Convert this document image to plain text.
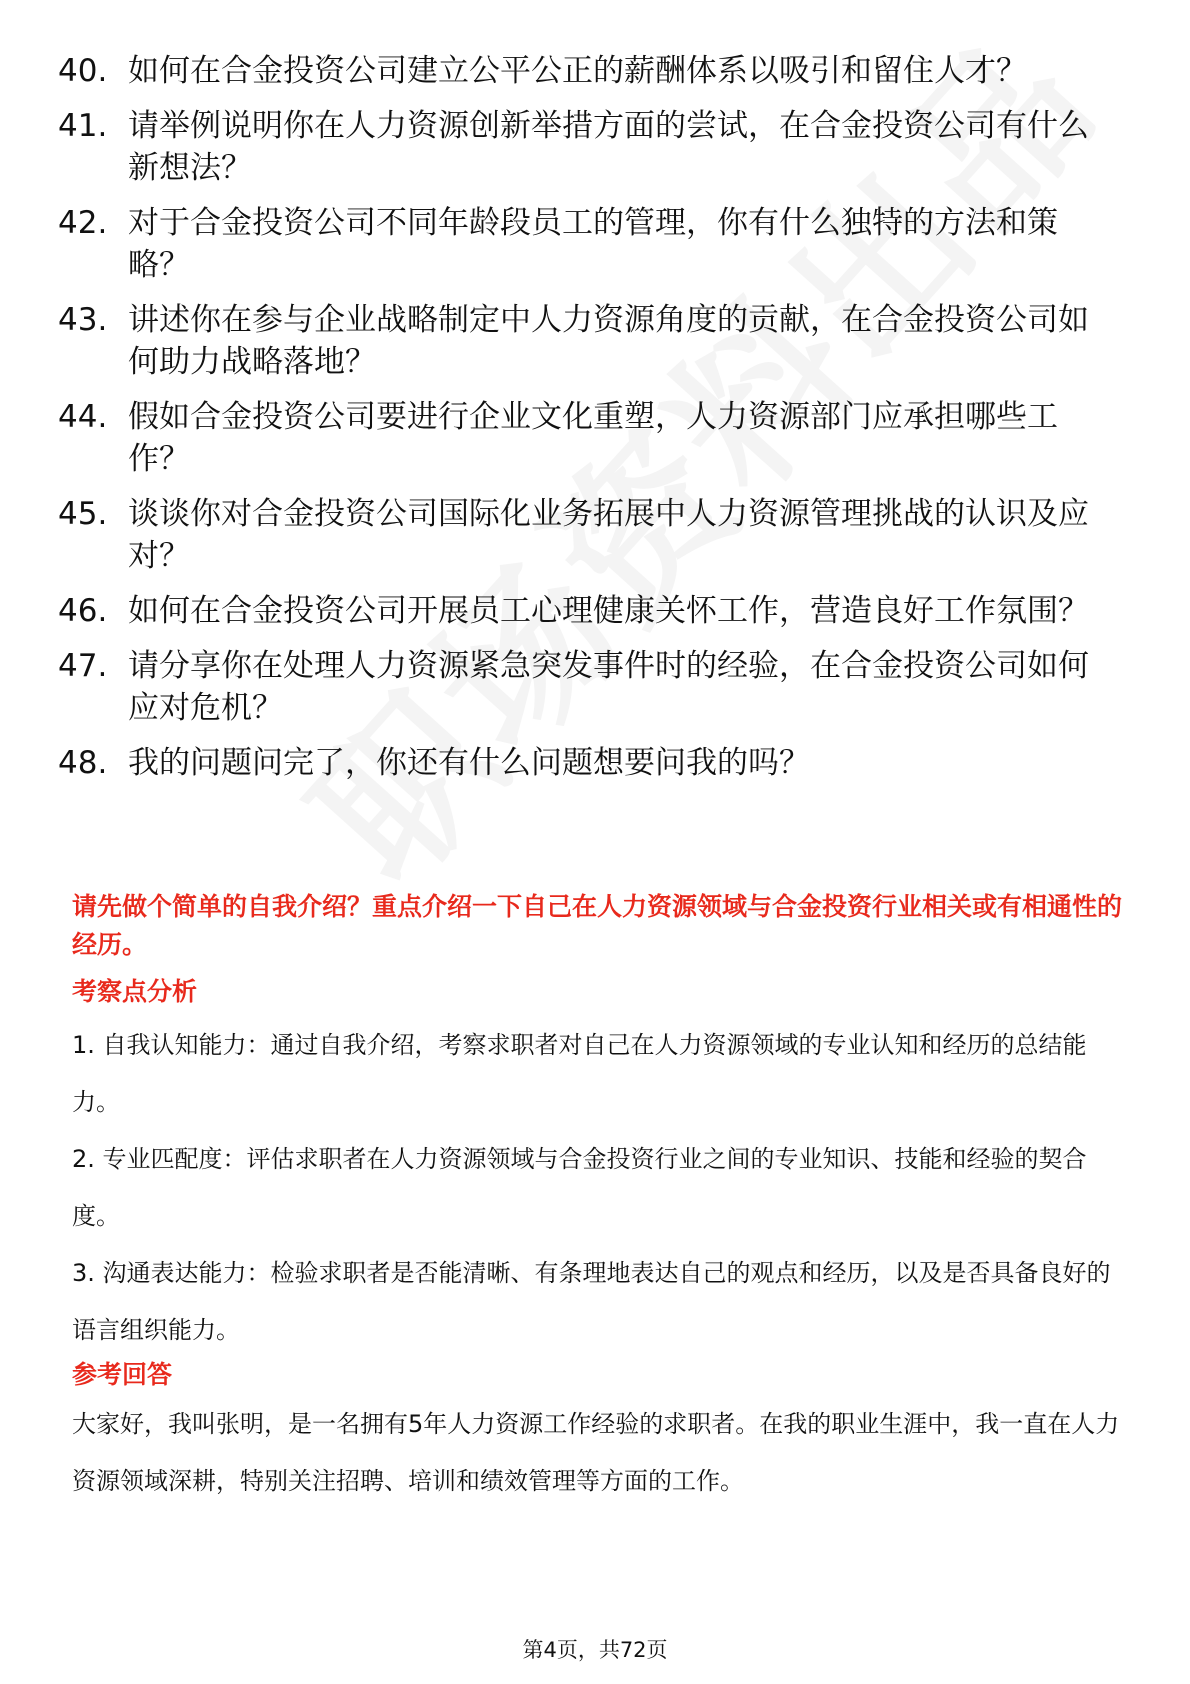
40. 如何在合金投资公司建立公平公正的薪酬体系以吸引和留住人才？
41. 请举例说明你在人力资源创新举措方面的尝试，在合金投资公司有什么新想法？
42. 对于合金投资公司不同年龄段员工的管理，你有什么独特的方法和策略？
43. 讲述你在参与企业战略制定中人力资源角度的贡献，在合金投资公司如何助力战略落地？
44. 假如合金投资公司要进行企业文化重塑，人力资源部门应承担哪些工作？
45. 谈谈你对合金投资公司国际化业务拓展中人力资源管理挑战的认识及应对？
46. 如何在合金投资公司开展员工心理健康关怀工作，营造良好工作氛围？
47. 请分享你在处理人力资源紧急突发事件时的经验，在合金投资公司如何应对危机？
48. 我的问题问完了，你还有什么问题想要问我的吗？
请先做个简单的自我介绍？重点介绍一下自己在人力资源领域与合金投资行业相关或有相通性的经历。
考察点分析
1. 自我认知能力：通过自我介绍，考察求职者对自己在人力资源领域的专业认知和经历的总结能力。
2. 专业匹配度：评估求职者在人力资源领域与合金投资行业之间的专业知识、技能和经验的契合度。
3. 沟通表达能力：检验求职者是否能清晰、有条理地表达自己的观点和经历，以及是否具备良好的语言组织能力。
参考回答
大家好，我叫张明，是一名拥有5年人力资源工作经验的求职者。在我的职业生涯中，我一直在人力资源领域深耕，特别关注招聘、培训和绩效管理等方面的工作。
第4页，共72页
